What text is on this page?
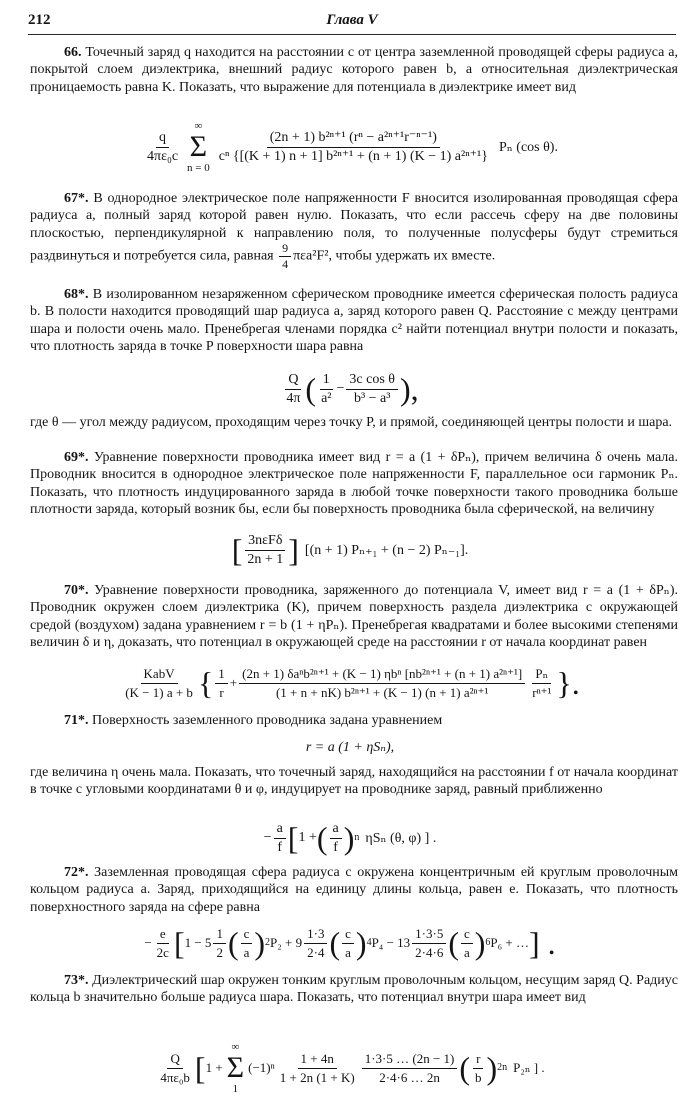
212	Глава V
66. Точечный заряд q находится на расстоянии c от центра заземленной проводящей сферы радиуса a, покрытой слоем диэлектрика, внешний радиус которого равен b, а относительная диэлектрическая проницаемость равна K. Показать, что выражение для потенциала в диэлектрике имеет вид
$\frac{q}{\text{4πε₀c}}$
∞
Σ
n = 0
$\frac{\text{(2n + 1) b²ⁿ⁺¹ (rⁿ − a²ⁿ⁺¹r⁻ⁿ⁻¹)}}{\text{cⁿ \{[(K + 1) n + 1] b²ⁿ⁺¹ + (n + 1) (K − 1) a²ⁿ⁺¹\}}}$ Pₙ (cos θ).
67*. В однородное электрическое поле напряженности F вносится изолированная проводящая сфера радиуса a, полный заряд которой равен нулю. Показать, что если рассечь сферу на две половины плоскостью, перпендикулярной к направлению поля, то полученные полусферы будут стремиться раздвинуться и потребуется сила, равная $\frac{9}{4} \pi\varepsilon a^2F^2$, чтобы удержать их вместе.
68*. В изолированном незаряженном сферическом проводнике имеется сферическая полость радиуса b. В полости находится проводящий шар радиуса a, заряд которого равен Q. Расстояние c между центрами шара и полости очень мало. Пренебрегая членами порядка c² найти потенциал внутри полости и показать, что плотность заряда в точке P поверхности шара равна
$\frac{Q}{4\pi}$ ( $\frac{1}{\text{a²}} - \frac{\text{3c cos θ}}{\text{b³ − a³}}$ ),
где θ — угол между радиусом, проходящим через точку P, и прямой, соединяющей центры полости и шара.
69*. Уравнение поверхности проводника имеет вид r = a (1 + δPₙ), причем величина δ очень мала. Проводник вносится в однородное электрическое поле напряженности F, параллельное оси гармоник Pₙ. Показать, что плотность индуцированного заряда в любой точке поверхности такого проводника больше плотности заряда, который возник бы, если бы поверхность проводника была сферической, на величину
[ $\frac{\text{3nεFδ}}{2n + 1}$ ] [(n + 1) Pₙ₊₁ + (n − 2) Pₙ₋₁].
70*. Уравнение поверхности проводника, заряженного до потенциала V, имеет вид r = a (1 + δPₙ). Проводник окружен слоем диэлектрика (K), причем поверхность раздела диэлектрика с окружающей средой (воздухом) задана уравнением r = b (1 + ηPₙ). Пренебрегая квадратами и более высокими степенями величин δ и η, доказать, что потенциал в окружающей среде на расстоянии r от начала координат равен
$\frac{\text{KabV}}{(K - 1) a + b}$ { $\frac{1}{r} + \frac{\text{(2n + 1) δaⁿb²ⁿ⁺¹ + (K − 1) ηbⁿ [nb²ⁿ⁺¹ + (n + 1) a²ⁿ⁺¹]}}{\text{(1 + n + nK) b²ⁿ⁺¹ + (K − 1) (n + 1) a²ⁿ⁺¹}} \frac{\text{Pₙ}}{\text{rⁿ⁺¹}}$ }.
71*. Поверхность заземленного проводника задана уравнением
r = a (1 + ηSₙ),
где величина η очень мала. Показать, что точечный заряд, находящийся на расстоянии f от начала координат в точке с угловыми координатами θ и φ, индуцирует на проводнике заряд, равный приближенно
− $\frac{a}{f}$ [ 1 + ( $\frac{a}{f}$ ) n ηSₙ (θ, φ) ] .
72*. Заземленная проводящая сфера радиуса c окружена концентричным ей круглым проволочным кольцом радиуса a. Заряд, приходящийся на единицу длины кольца, равен e. Показать, что плотность поверхностного заряда на сфере равна
− $\frac{e}{2c}$ [ $1 - 5 \frac{1}{2}$ ( $\frac{c}{a}$ ) 2 $P_2 + 9 \frac{1\cdot 3}{2\cdot 4}$ ( $\frac{c}{a}$ ) 4 $P_4 - 13 \frac{1\cdot 3\cdot 5}{2\cdot 4\cdot 6}$ ( $\frac{c}{a}$ ) 6 P₆ + … ] .
73*. Диэлектрический шар окружен тонким круглым проволочным кольцом, несущим заряд Q. Радиус кольца b значительно больше радиуса шара. Показать, что потенциал внутри шара имеет вид
$\frac{Q}{\text{4πε₀b}}$ [ 1 +
∞
Σ
1
$(-1)^n \frac{1 + 4n}{1 + 2n (1 + K)} \frac{1\cdot 3\cdot 5 \dots (2n - 1)}{2\cdot 4\cdot 6 \dots 2n}$ ( $\frac{r}{b}$ ) 2n P₂ₙ ] .
